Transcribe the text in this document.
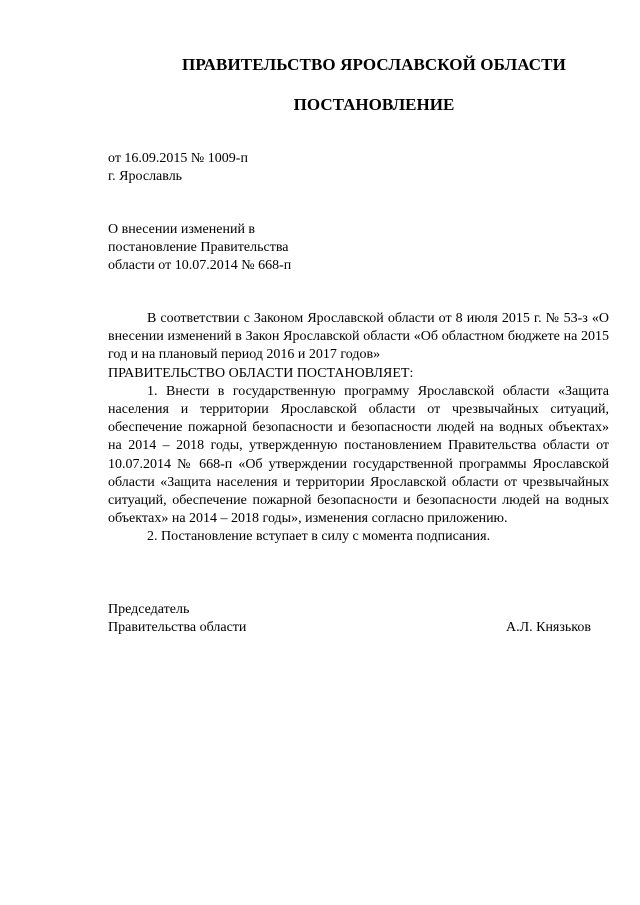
ПРАВИТЕЛЬСТВО ЯРОСЛАВСКОЙ ОБЛАСТИ
ПОСТАНОВЛЕНИЕ
от 16.09.2015 № 1009-п
г. Ярославль
О внесении изменений в
постановление Правительства
области от 10.07.2014 № 668-п

В соответствии с Законом Ярославской области от 8 июля 2015 г. № 53-з «О внесении изменений в Закон Ярославской области «Об областном бюджете на 2015 год и на плановый период 2016 и 2017 годов»

ПРАВИТЕЛЬСТВО ОБЛАСТИ ПОСТАНОВЛЯЕТ:

1. Внести в государственную программу Ярославской области «Защита населения и территории Ярославской области от чрезвычайных ситуаций, обеспечение пожарной безопасности и безопасности людей на водных объектах» на 2014 – 2018 годы, утвержденную постановлением Правительства области от 10.07.2014 № 668-п «Об утверждении государственной программы Ярославской области «Защита населения и территории Ярославской области от чрезвычайных ситуаций, обеспечение пожарной безопасности и безопасности людей на водных объектах» на 2014 – 2018 годы», изменения согласно приложению.

2. Постановление вступает в силу с момента подписания.

Председатель
Правительства области	А.Л. Князьков
